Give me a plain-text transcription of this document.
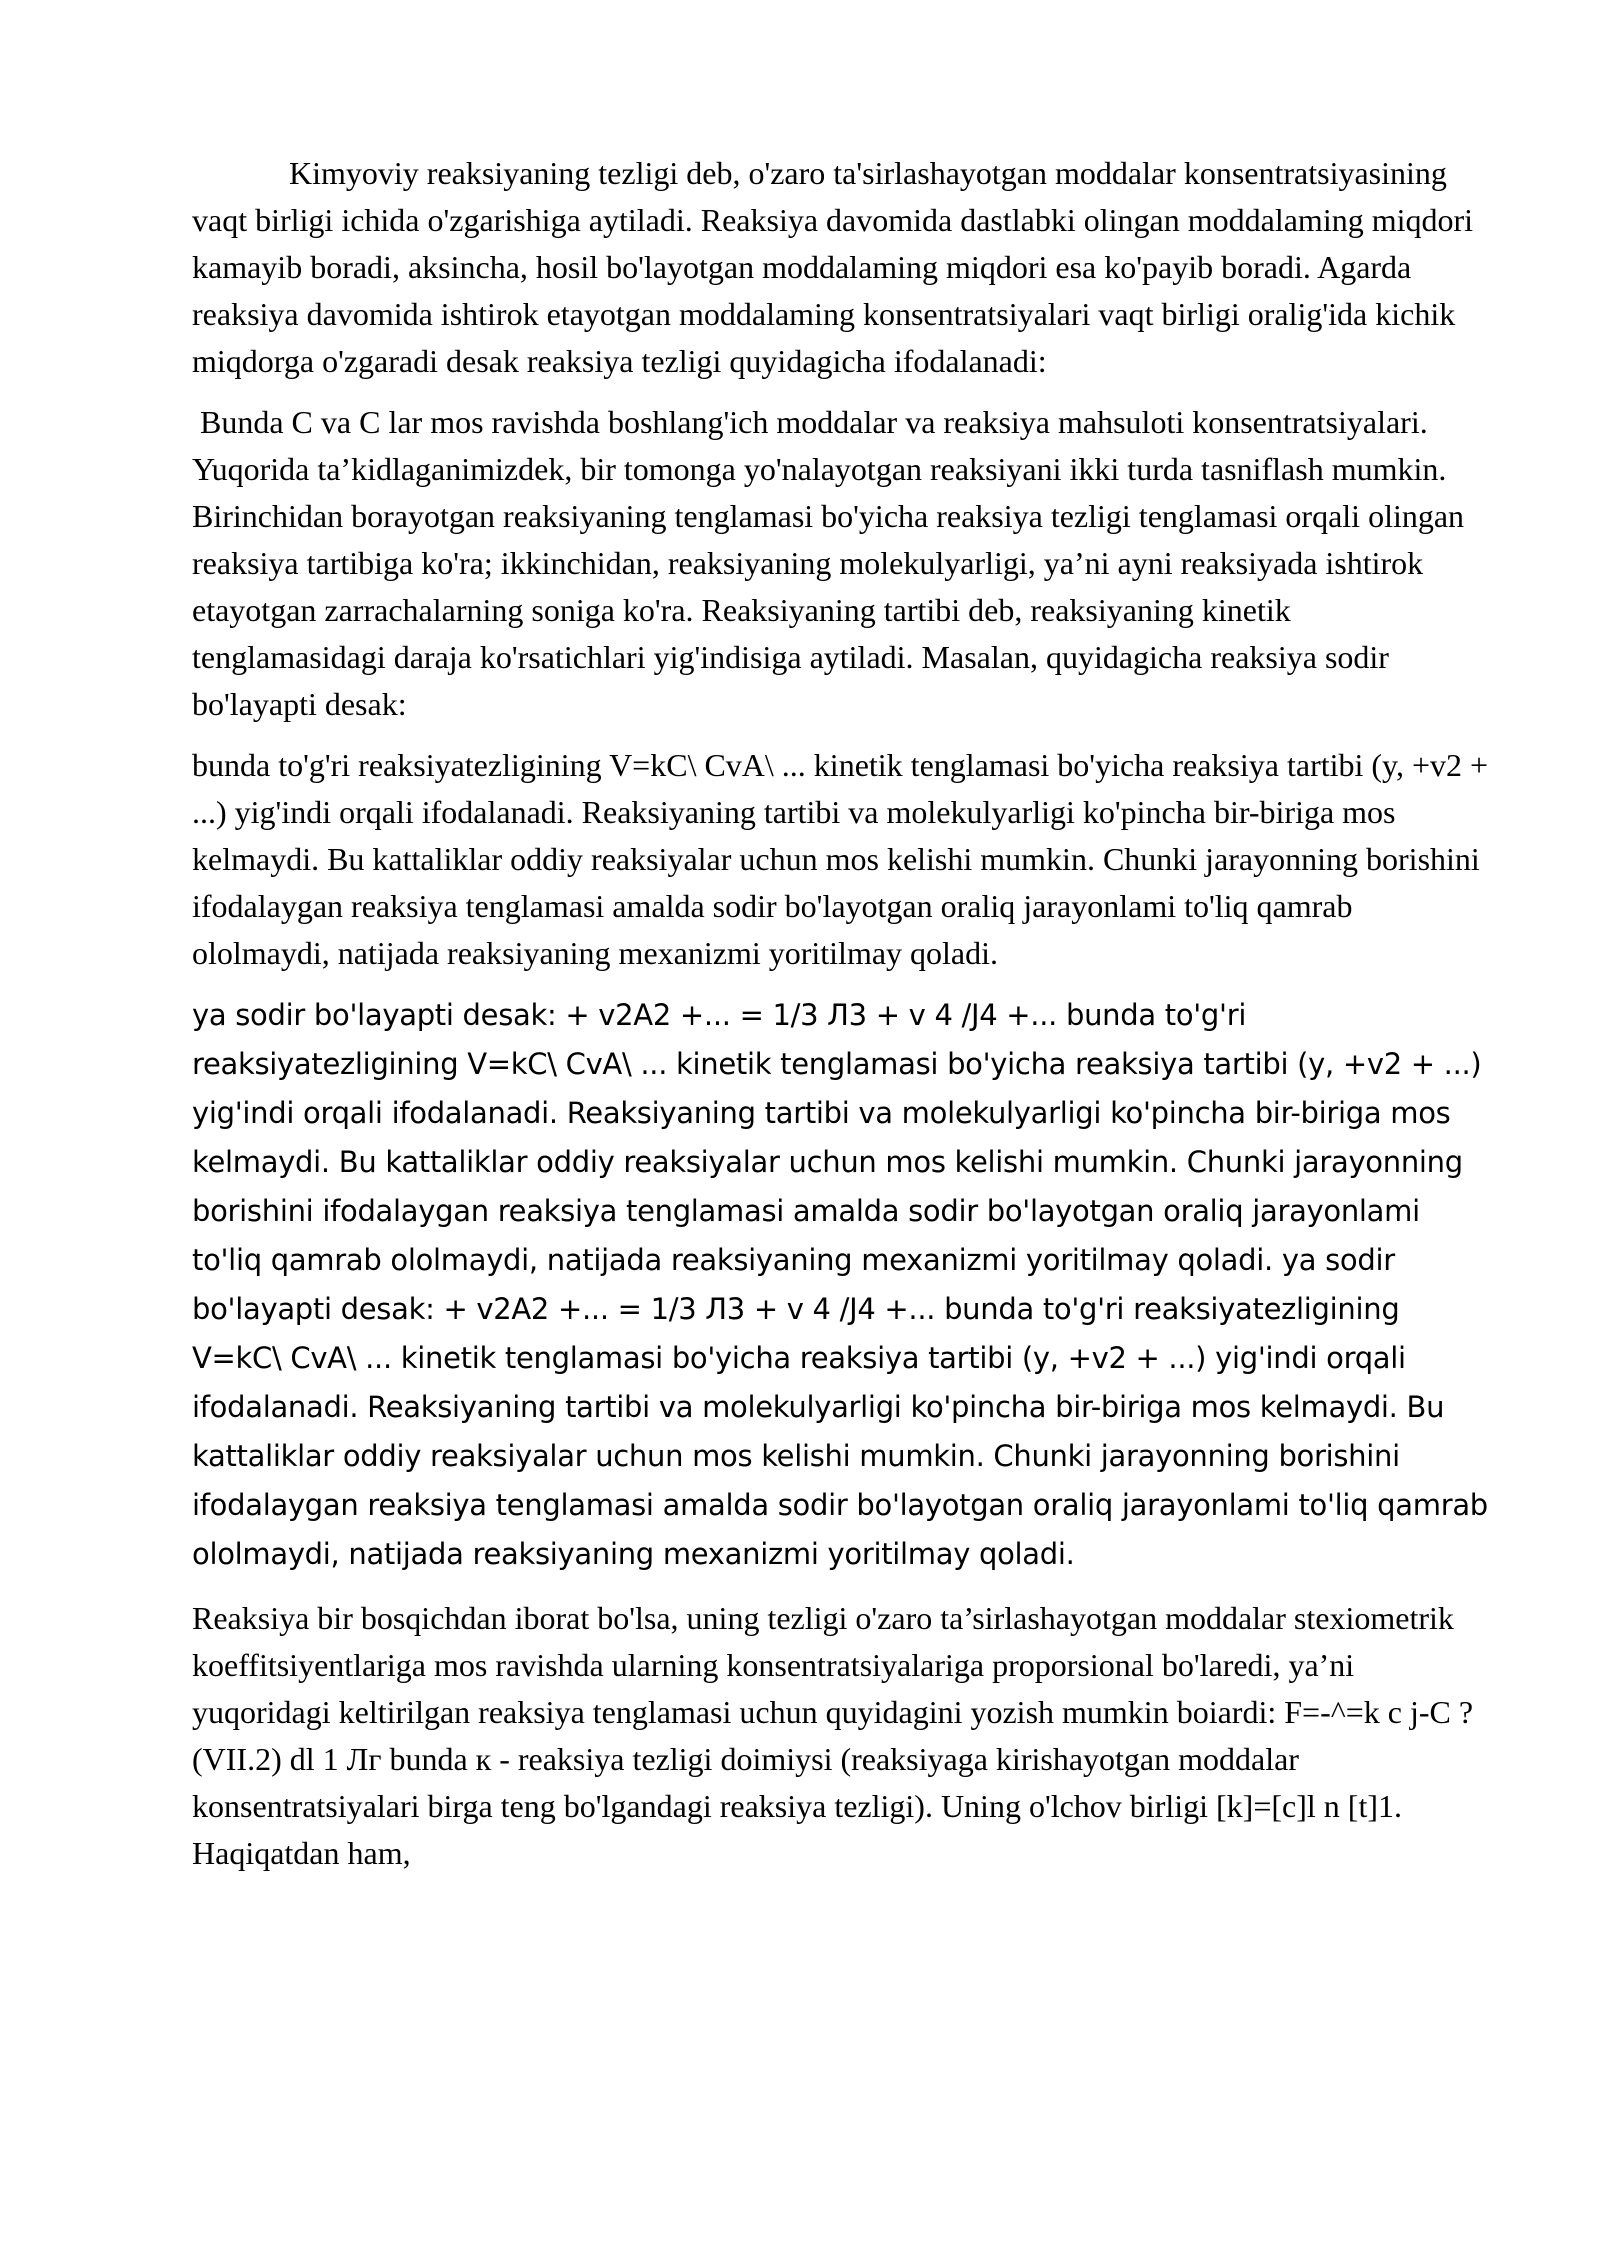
Kimyoviy reaksiyaning tezligi deb, o'zaro ta'sirlashayotgan moddalar konsentratsiyasining vaqt birligi ichida o'zgarishiga aytiladi. Reaksiya davomida dastlabki olingan moddalaming miqdori kamayib boradi, aksincha, hosil bo'layotgan moddalaming miqdori esa ko'payib boradi. Agarda reaksiya davomida ishtirok etayotgan moddalaming konsentratsiyalari vaqt birligi oralig'ida kichik miqdorga o'zgaradi desak reaksiya tezligi quyidagicha ifodalanadi:

Bunda C va C lar mos ravishda boshlang'ich moddalar va reaksiya mahsuloti konsentratsiyalari. Yuqorida ta’kidlaganimizdek, bir tomonga yo'nalayotgan reaksiyani ikki turda tasniflash mumkin. Birinchidan borayotgan reaksiyaning tenglamasi bo'yicha reaksiya tezligi tenglamasi orqali olingan reaksiya tartibiga ko'ra; ikkinchidan, reaksiyaning molekulyarligi, ya’ni ayni reaksiyada ishtirok etayotgan zarrachalarning soniga ko'ra. Reaksiyaning tartibi deb, reaksiyaning kinetik tenglamasidagi daraja ko'rsatichlari yig'indisiga aytiladi. Masalan, quyidagicha reaksiya sodir bo'layapti desak:

bunda to'g'ri reaksiyatezligining V=kC\ CvA\ ... kinetik tenglamasi bo'yicha reaksiya tartibi (y, +v2 + ...) yig'indi orqali ifodalanadi. Reaksiyaning tartibi va molekulyarligi ko'pincha bir-biriga mos kelmaydi. Bu kattaliklar oddiy reaksiyalar uchun mos kelishi mumkin. Chunki jarayonning borishini ifodalaygan reaksiya tenglamasi amalda sodir bo'layotgan oraliq jarayonlami to'liq qamrab ololmaydi, natijada reaksiyaning mexanizmi yoritilmay qoladi.

ya sodir bo'layapti desak: + v2A2 +... = 1/3 Л3 + v 4 /J4 +... bunda to'g'ri reaksiyatezligining V=kC\ CvA\ ... kinetik tenglamasi bo'yicha reaksiya tartibi (y, +v2 + ...) yig'indi orqali ifodalanadi. Reaksiyaning tartibi va molekulyarligi ko'pincha bir-biriga mos kelmaydi. Bu kattaliklar oddiy reaksiyalar uchun mos kelishi mumkin. Chunki jarayonning borishini ifodalaygan reaksiya tenglamasi amalda sodir bo'layotgan oraliq jarayonlami to'liq qamrab ololmaydi, natijada reaksiyaning mexanizmi yoritilmay qoladi. ya sodir bo'layapti desak: + v2A2 +... = 1/3 Л3 + v 4 /J4 +... bunda to'g'ri reaksiyatezligining V=kC\ CvA\ ... kinetik tenglamasi bo'yicha reaksiya tartibi (y, +v2 + ...) yig'indi orqali ifodalanadi. Reaksiyaning tartibi va molekulyarligi ko'pincha bir-biriga mos kelmaydi. Bu kattaliklar oddiy reaksiyalar uchun mos kelishi mumkin. Chunki jarayonning borishini ifodalaygan reaksiya tenglamasi amalda sodir bo'layotgan oraliq jarayonlami to'liq qamrab ololmaydi, natijada reaksiyaning mexanizmi yoritilmay qoladi.

Reaksiya bir bosqichdan iborat bo'lsa, uning tezligi o'zaro ta’sirlashayotgan moddalar stexiometrik koeffitsiyentlariga mos ravishda ularning konsentratsiyalariga proporsional bo'laredi, ya’ni yuqoridagi keltirilgan reaksiya tenglamasi uchun quyidagini yozish mumkin boiardi: F=-^=k c j-C ? (VII.2) dl 1 Лг bunda к - reaksiya tezligi doimiysi (reaksiyaga kirishayotgan moddalar konsentratsiyalari birga teng bo'lgandagi reaksiya tezligi). Uning o'lchov birligi [k]=[c]l n [t]1. Haqiqatdan ham,
